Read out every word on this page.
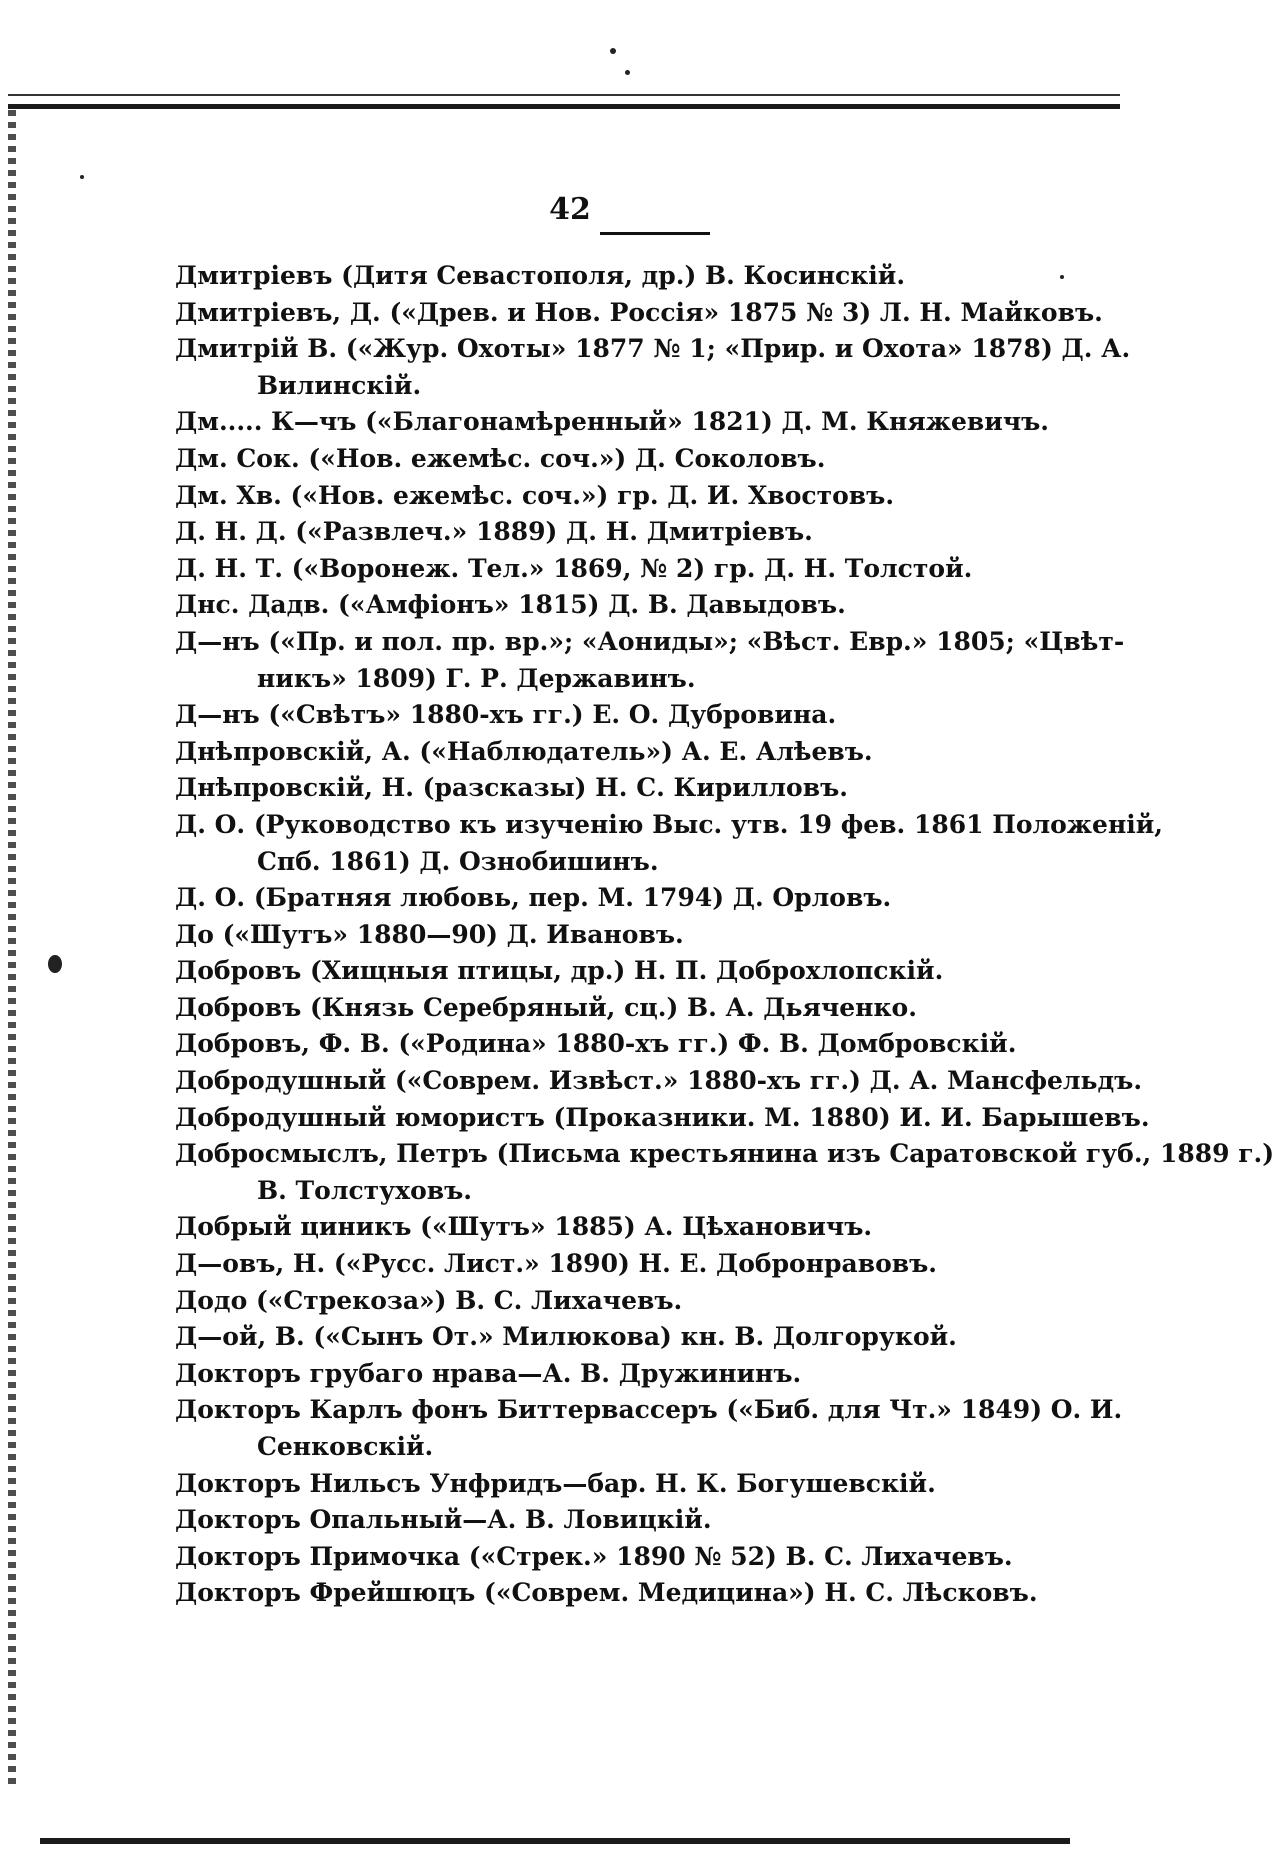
42
Дмитріевъ (Дитя Севастополя, др.) В. Косинскій.
Дмитріевъ, Д. («Древ. и Нов. Россія» 1875 № 3) Л. Н. Майковъ.
Дмитрій В. («Жур. Охоты» 1877 № 1; «Прир. и Охота» 1878) Д. А.
Вилинскій.
Дм..... К—чъ («Благонамѣренный» 1821) Д. М. Княжевичъ.
Дм. Сок. («Нов. ежемѣс. соч.») Д. Соколовъ.
Дм. Хв. («Нов. ежемѣс. соч.») гр. Д. И. Хвостовъ.
Д. Н. Д. («Развлеч.» 1889) Д. Н. Дмитріевъ.
Д. Н. Т. («Воронеж. Тел.» 1869, № 2) гр. Д. Н. Толстой.
Днс. Дадв. («Амфіонъ» 1815) Д. В. Давыдовъ.
Д—нъ («Пр. и пол. пр. вр.»; «Аониды»; «Вѣст. Евр.» 1805; «Цвѣт-
никъ» 1809) Г. Р. Державинъ.
Д—нъ («Свѣтъ» 1880-хъ гг.) Е. О. Дубровина.
Днѣпровскій, А. («Наблюдатель») А. Е. Алѣевъ.
Днѣпровскій, Н. (разсказы) Н. С. Кирилловъ.
Д. О. (Руководство къ изученію Выс. утв. 19 фев. 1861 Положеній,
Спб. 1861) Д. Ознобишинъ.
Д. О. (Братняя любовь, пер. М. 1794) Д. Орловъ.
До («Шутъ» 1880—90) Д. Ивановъ.
Добровъ (Хищныя птицы, др.) Н. П. Доброхлопскій.
Добровъ (Князь Серебряный, сц.) В. А. Дьяченко.
Добровъ, Ф. В. («Родина» 1880-хъ гг.) Ф. В. Домбровскій.
Добродушный («Соврем. Извѣст.» 1880-хъ гг.) Д. А. Мансфельдъ.
Добродушный юмористъ (Проказники. М. 1880) И. И. Барышевъ.
Добросмыслъ, Петръ (Письма крестьянина изъ Саратовской губ., 1889 г.)
В. Толстуховъ.
Добрый циникъ («Шутъ» 1885) А. Цѣхановичъ.
Д—овъ, Н. («Русс. Лист.» 1890) Н. Е. Добронравовъ.
Додо («Стрекоза») В. С. Лихачевъ.
Д—ой, В. («Сынъ От.» Милюкова) кн. В. Долгорукой.
Докторъ грубаго нрава—А. В. Дружининъ.
Докторъ Карлъ фонъ Биттервассеръ («Биб. для Чт.» 1849) О. И.
Сенковскій.
Докторъ Нильсъ Унфридъ—бар. Н. К. Богушевскій.
Докторъ Опальный—А. В. Ловицкій.
Докторъ Примочка («Стрек.» 1890 № 52) В. С. Лихачевъ.
Докторъ Фрейшюцъ («Соврем. Медицина») Н. С. Лѣсковъ.
